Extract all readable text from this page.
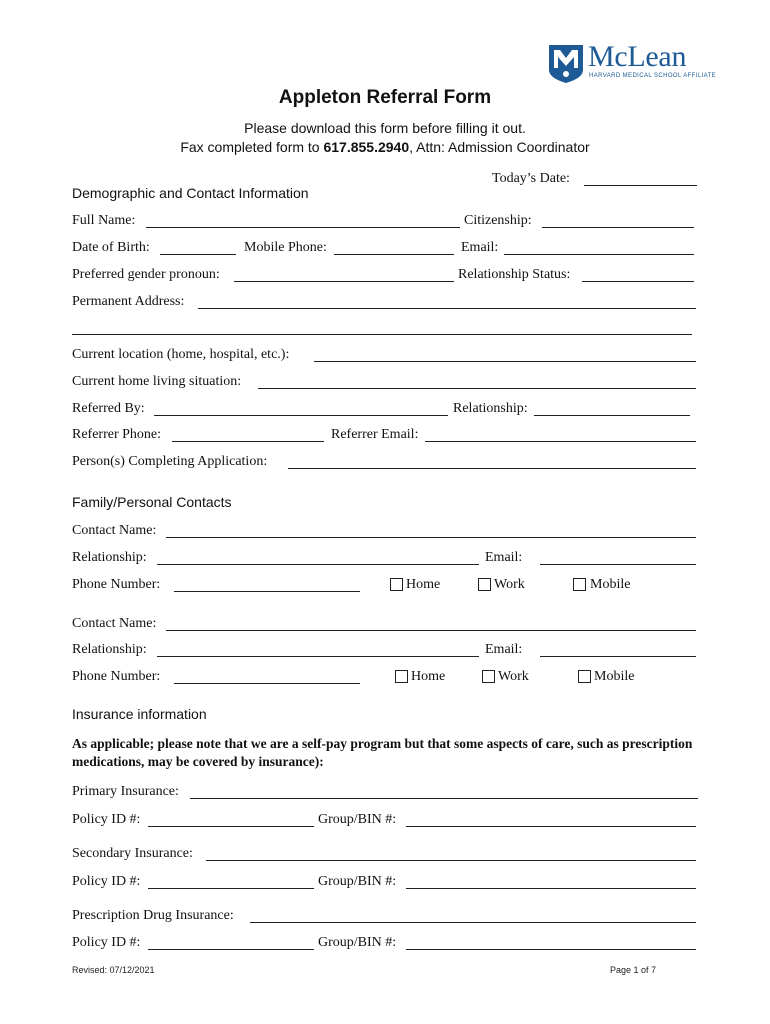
McLean
HARVARD MEDICAL SCHOOL AFFILIATE
Appleton Referral Form
Please download this form before filling it out.
Fax completed form to 617.855.2940, Attn: Admission Coordinator
Today’s Date:
Demographic and Contact Information
Full Name:	Citizenship:
Date of Birth:	Mobile Phone:	Email:
Preferred gender pronoun:	Relationship Status:
Permanent Address:
Current location (home, hospital, etc.):
Current home living situation:
Referred By:	Relationship:
Referrer Phone:	Referrer Email:
Person(s) Completing Application:
Family/Personal Contacts
Contact Name:
Relationship:	Email:
Phone Number:	Home	Work	Mobile
Contact Name:
Relationship:	Email:
Phone Number:	Home	Work	Mobile
Insurance information
As applicable; please note that we are a self-pay program but that some aspects of care, such as prescription medications, may be covered by insurance):
Primary Insurance:
Policy ID #:	Group/BIN #:
Secondary Insurance:
Policy ID #:	Group/BIN #:
Prescription Drug Insurance:
Policy ID #:	Group/BIN #:
Revised: 07/12/2021	Page 1 of 7
